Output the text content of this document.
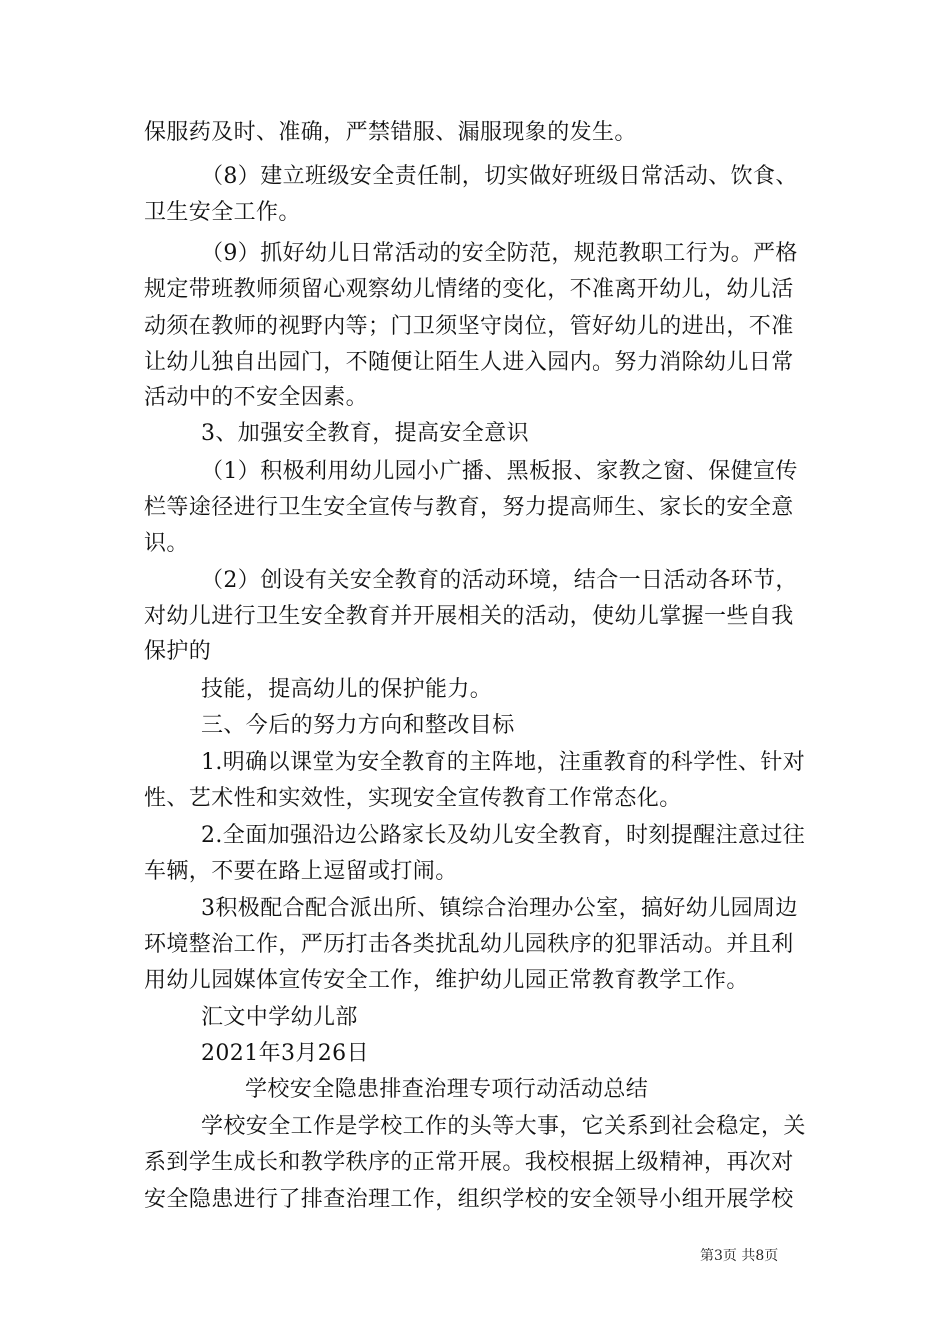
保服药及时、准确，严禁错服、漏服现象的发生。
（8）建立班级安全责任制，切实做好班级日常活动、饮食、
卫生安全工作。
（9）抓好幼儿日常活动的安全防范，规范教职工行为。严格
规定带班教师须留心观察幼儿情绪的变化，不准离开幼儿，幼儿活
动须在教师的视野内等；门卫须坚守岗位，管好幼儿的进出，不准
让幼儿独自出园门，不随便让陌生人进入园内。努力消除幼儿日常
活动中的不安全因素。
3、加强安全教育，提高安全意识
（1）积极利用幼儿园小广播、黑板报、家教之窗、保健宣传
栏等途径进行卫生安全宣传与教育，努力提高师生、家长的安全意
识。
（2）创设有关安全教育的活动环境，结合一日活动各环节，
对幼儿进行卫生安全教育并开展相关的活动，使幼儿掌握一些自我
保护的
技能，提高幼儿的保护能力。
三、今后的努力方向和整改目标
1.明确以课堂为安全教育的主阵地，注重教育的科学性、针对
性、艺术性和实效性，实现安全宣传教育工作常态化。
2.全面加强沿边公路家长及幼儿安全教育，时刻提醒注意过往
车辆，不要在路上逗留或打闹。
3积极配合配合派出所、镇综合治理办公室，搞好幼儿园周边
环境整治工作，严历打击各类扰乱幼儿园秩序的犯罪活动。并且利
用幼儿园媒体宣传安全工作，维护幼儿园正常教育教学工作。
汇文中学幼儿部
2021年3月26日
学校安全隐患排查治理专项行动活动总结
学校安全工作是学校工作的头等大事，它关系到社会稳定，关
系到学生成长和教学秩序的正常开展。我校根据上级精神，再次对
安全隐患进行了排查治理工作，组织学校的安全领导小组开展学校
第3页 共8页
